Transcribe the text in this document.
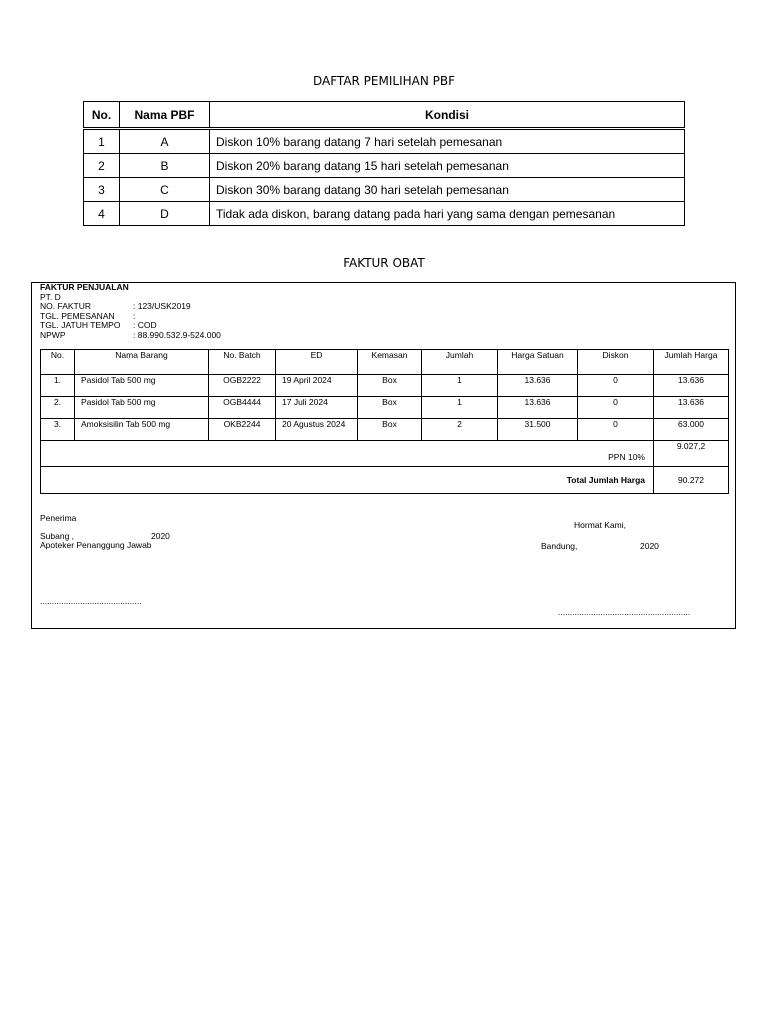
DAFTAR PEMILIHAN PBF
No.	Nama PBF	Kondisi
1	A	Diskon 10% barang datang 7 hari setelah pemesanan
2	B	Diskon 20% barang datang 15 hari setelah pemesanan
3	C	Diskon 30% barang datang 30 hari setelah pemesanan
4	D	Tidak ada diskon, barang datang pada hari yang sama dengan pemesanan
FAKTUR OBAT
FAKTUR PENJUALAN
PT. D
NO. FAKTUR	: 123/USK2019
TGL. PEMESANAN	:
TGL. JATUH TEMPO	: COD
NPWP	: 88.990.532.9-524.000
No.	Nama Barang	No. Batch	ED	Kemasan	Jumlah	Harga Satuan	Diskon	Jumlah Harga
1.	Pasidol Tab 500 mg	OGB2222	19 April 2024	Box	1	13.636	0	13.636
2.	Pasidol Tab 500 mg	OGB4444	17 Juli 2024	Box	1	13.636	0	13.636
3.	Amoksisilin Tab 500 mg	OKB2244	20 Agustus 2024	Box	2	31.500	0	63.000
PPN 10%								9.027,2
Total Jumlah Harga								90.272
Penerima
Subang ,	2020
Apoteker Penanggung Jawab
Hormat Kami,
Bandung,	2020
...........................................
........................................................
